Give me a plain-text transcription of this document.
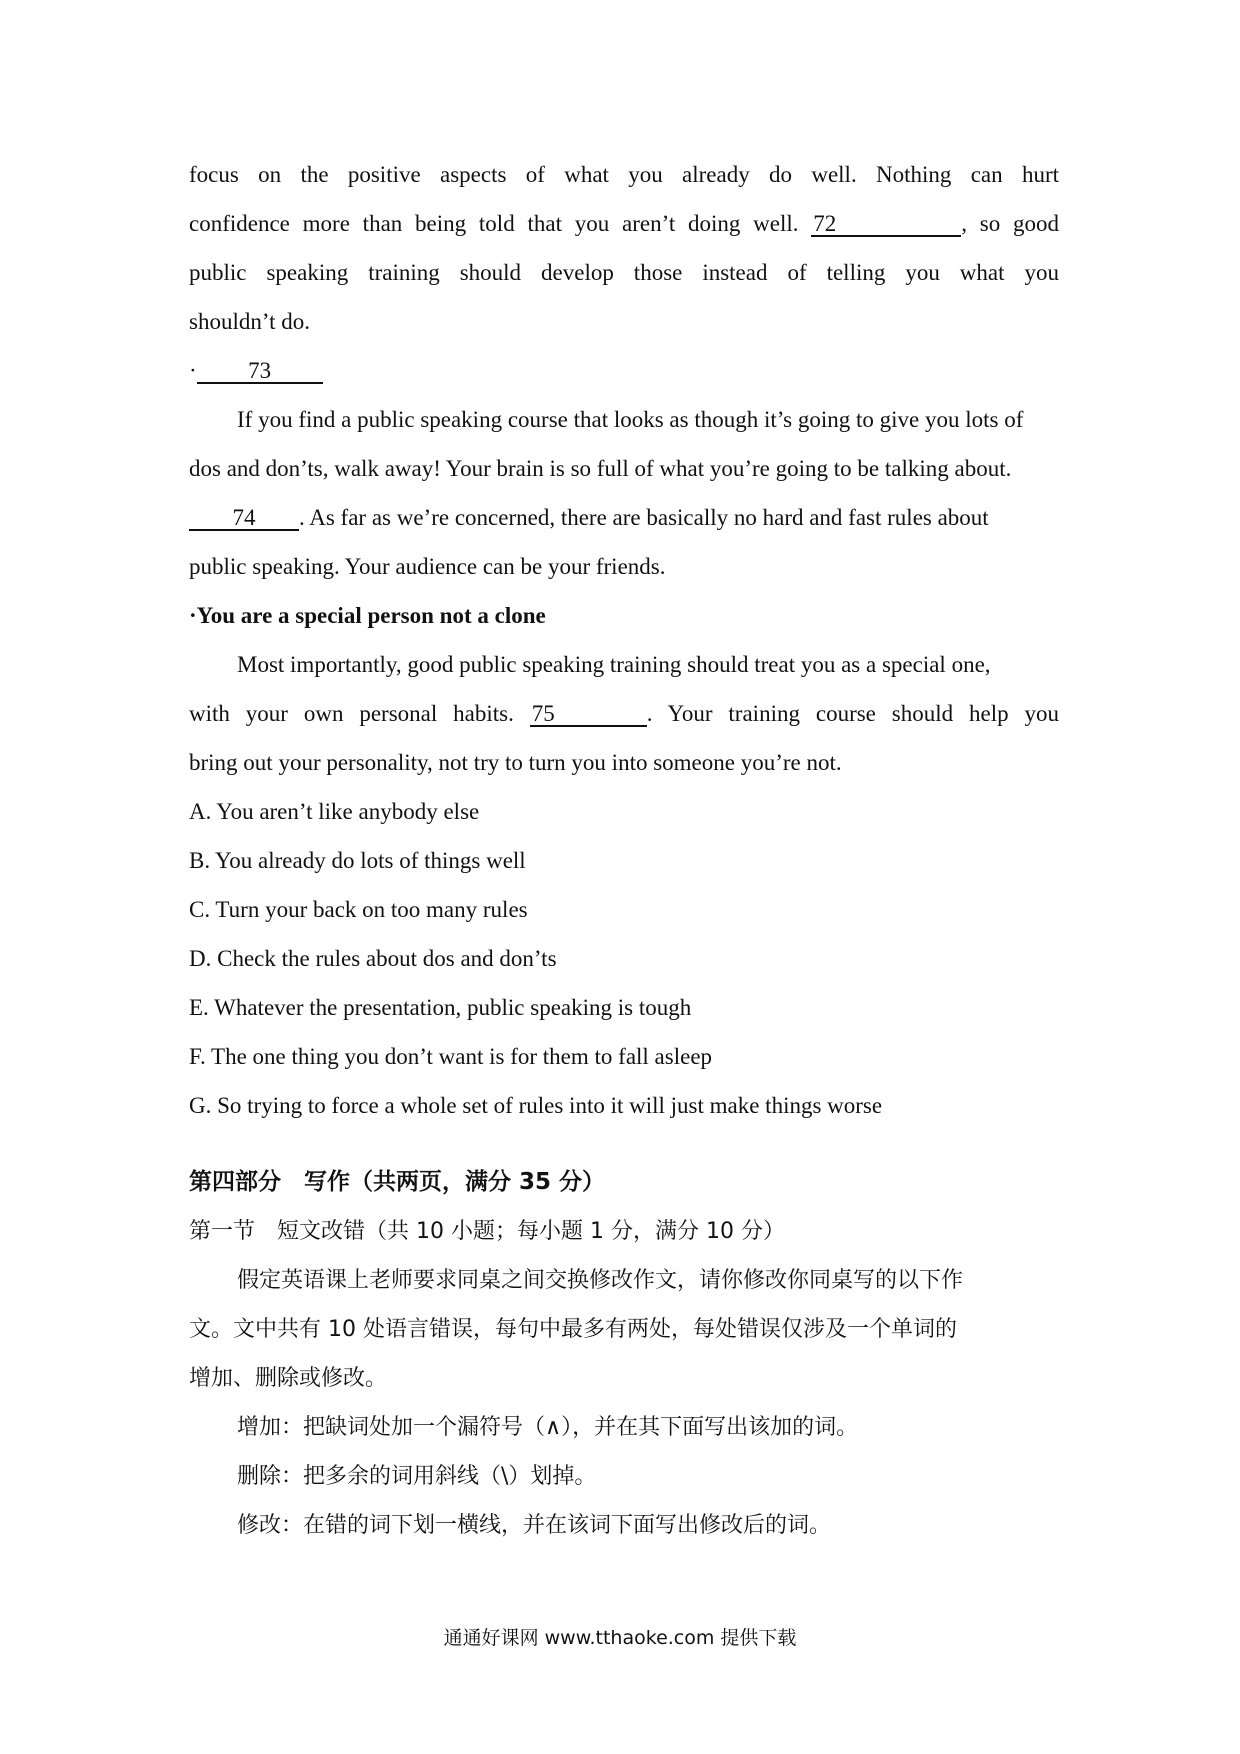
focus on the positive aspects of what you already do well. Nothing can hurt
confidence more than being told that you aren’t doing well. 72	, so good
public speaking training should develop those instead of telling you what you
shouldn’t do.
· 73
If you find a public speaking course that looks as though it’s going to give you lots of
dos and don’ts, walk away! Your brain is so full of what you’re going to be talking about.
74 . As far as we’re concerned, there are basically no hard and fast rules about
public speaking. Your audience can be your friends.
·You are a special person not a clone
Most importantly, good public speaking training should treat you as a special one,
with your own personal habits. 75	. Your training course should help you
bring out your personality, not try to turn you into someone you’re not.
A. You aren’t like anybody else
B. You already do lots of things well
C. Turn your back on too many rules
D. Check the rules about dos and don’ts
E. Whatever the presentation, public speaking is tough
F. The one thing you don’t want is for them to fall asleep
G. So trying to force a whole set of rules into it will just make things worse
第四部分　写作（共两页，满分 35 分）
第一节　短文改错（共 10 小题；每小题 1 分，满分 10 分）
假定英语课上老师要求同桌之间交换修改作文，请你修改你同桌写的以下作
文。文中共有 10 处语言错误，每句中最多有两处，每处错误仅涉及一个单词的
增加、删除或修改。
增加：把缺词处加一个漏符号（∧），并在其下面写出该加的词。
删除：把多余的词用斜线（\）划掉。
修改：在错的词下划一横线，并在该词下面写出修改后的词。
通通好课网 www.tthaoke.com 提供下载
